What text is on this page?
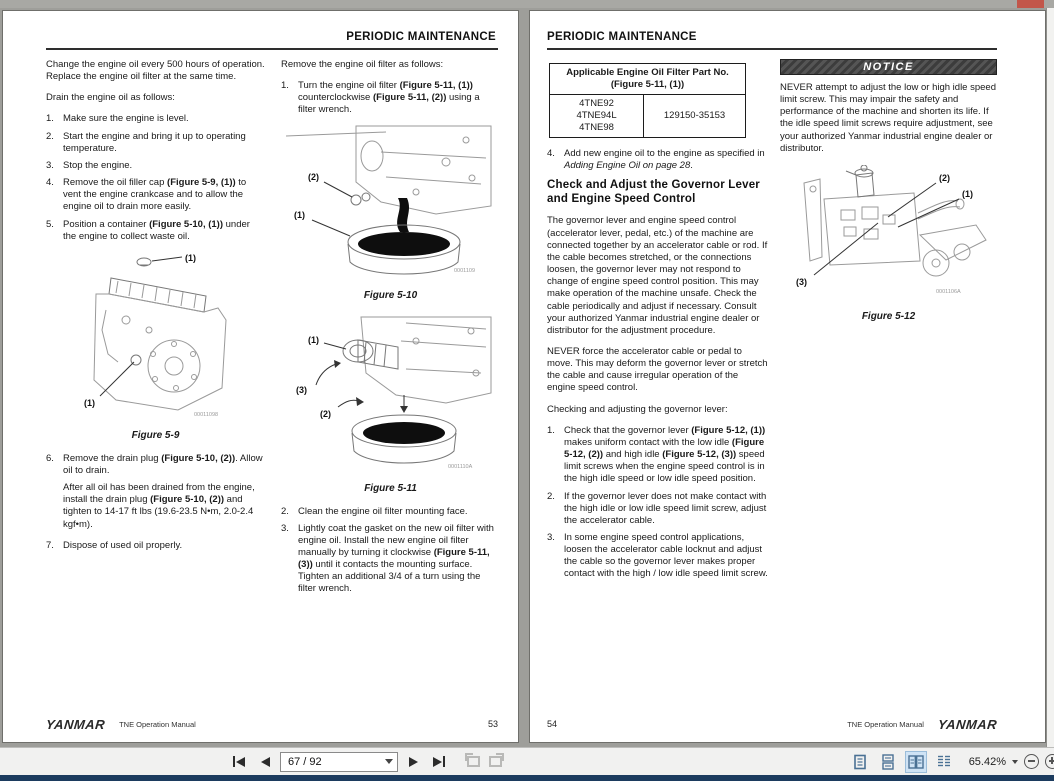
PERIODIC MAINTENANCE
Change the engine oil every 500 hours of operation. Replace the engine oil filter at the same time.
Drain the engine oil as follows:
1. Make sure the engine is level.
2. Start the engine and bring it up to operating temperature.
3. Stop the engine.
4. Remove the oil filler cap (Figure 5-9, (1)) to vent the engine crankcase and to allow the engine oil to drain more easily.
5. Position a container (Figure 5-10, (1)) under the engine to collect waste oil.
(1)
(1)
00011098
Figure 5-9
6. Remove the drain plug (Figure 5-10, (2)). Allow oil to drain.
After all oil has been drained from the engine, install the drain plug (Figure 5-10, (2)) and tighten to 14-17 ft lbs (19.6-23.5 N•m, 2.0-2.4 kgf•m).
7. Dispose of used oil properly.
Remove the engine oil filter as follows:
1. Turn the engine oil filter (Figure 5-11, (1)) counterclockwise (Figure 5-11, (2)) using a filter wrench.
(2)
(1)
0001109
Figure 5-10
(1)
(3)
(2)
0001110A
Figure 5-11
2. Clean the engine oil filter mounting face.
3. Lightly coat the gasket on the new oil filter with engine oil. Install the new engine oil filter manually by turning it clockwise (Figure 5-11, (3)) until it contacts the mounting surface. Tighten an additional 3/4 of a turn using the filter wrench.
YANMAR TNE Operation Manual	53
PERIODIC MAINTENANCE
Applicable Engine Oil Filter Part No.
(Figure 5-11, (1))

4TNE92
4TNE94L
4TNE98
	129150-35153
4. Add new engine oil to the engine as specified in Adding Engine Oil on page 28.
Check and Adjust the Governor Lever and Engine Speed Control
The governor lever and engine speed control (accelerator lever, pedal, etc.) of the machine are connected together by an accelerator cable or rod. If the cable becomes stretched, or the connections loosen, the governor lever may not respond to change of engine speed control position. This may make operation of the machine unsafe. Check the cable periodically and adjust if necessary. Consult your authorized Yanmar industrial engine dealer or distributor for the adjustment procedure.
NEVER force the accelerator cable or pedal to move. This may deform the governor lever or stretch the cable and cause irregular operation of the engine speed control.
Checking and adjusting the governor lever:
1. Check that the governor lever (Figure 5-12, (1)) makes uniform contact with the low idle (Figure 5-12, (2)) and high idle (Figure 5-12, (3)) speed limit screws when the engine speed control is in the high idle speed or low idle speed position.
2. If the governor lever does not make contact with the high idle or low idle speed limit screw, adjust the accelerator cable.
3. In some engine speed control applications, loosen the accelerator cable locknut and adjust the cable so the governor lever makes proper contact with the high / low idle speed limit screw.
NOTICE
NEVER attempt to adjust the low or high idle speed limit screw. This may impair the safety and performance of the machine and shorten its life. If the idle speed limit screws require adjustment, see your authorized Yanmar industrial engine dealer or distributor.
(2)
(1)
(3)
0001106A
Figure 5-12
54	TNE Operation Manual YANMAR
67 / 92	65.42%
